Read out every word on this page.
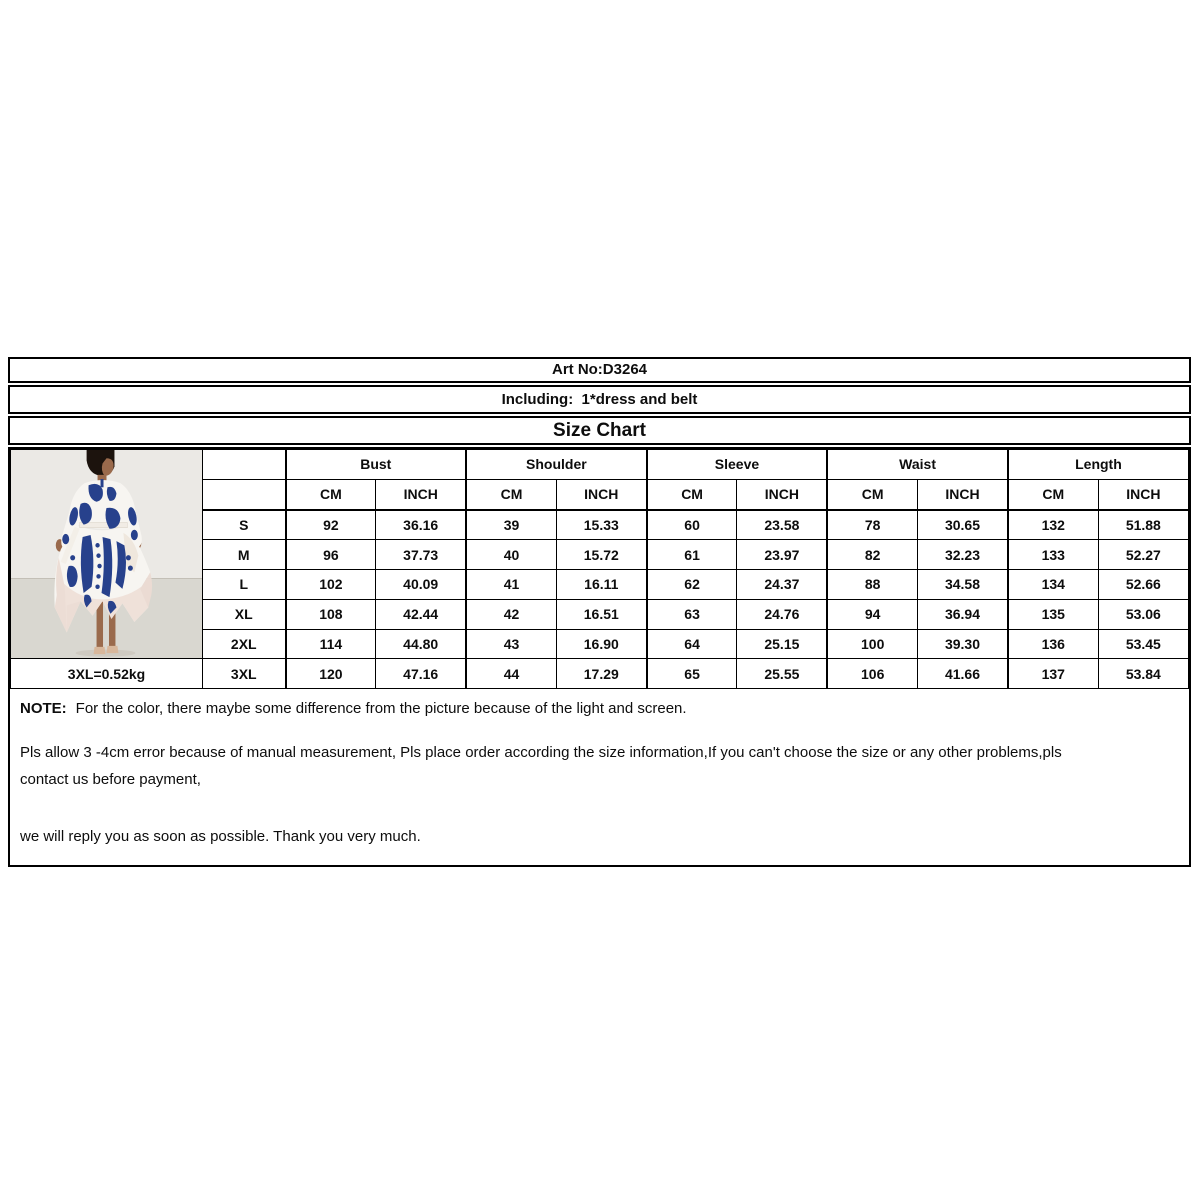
Art No:D3264
Including:  1*dress and belt
Size Chart
		Bust		Shoulder		Sleeve		Waist		Length	
		CM	INCH	CM	INCH	CM	INCH	CM	INCH	CM	INCH
	S	92	36.16	39	15.33	60	23.58	78	30.65	132	51.88
	M	96	37.73	40	15.72	61	23.97	82	32.23	133	52.27
	L	102	40.09	41	16.11	62	24.37	88	34.58	134	52.66
	XL	108	42.44	42	16.51	63	24.76	94	36.94	135	53.06
	2XL	114	44.80	43	16.90	64	25.15	100	39.30	136	53.45
3XL=0.52kg	3XL	120	47.16	44	17.29	65	25.55	106	41.66	137	53.84
NOTE: For the color, there maybe some difference from the picture because of the light and screen.
Pls allow 3 -4cm error because of manual measurement, Pls place order according the size information,If you can't choose the size or any other problems,pls
contact us before payment,
we will reply you as soon as possible. Thank you very much.
